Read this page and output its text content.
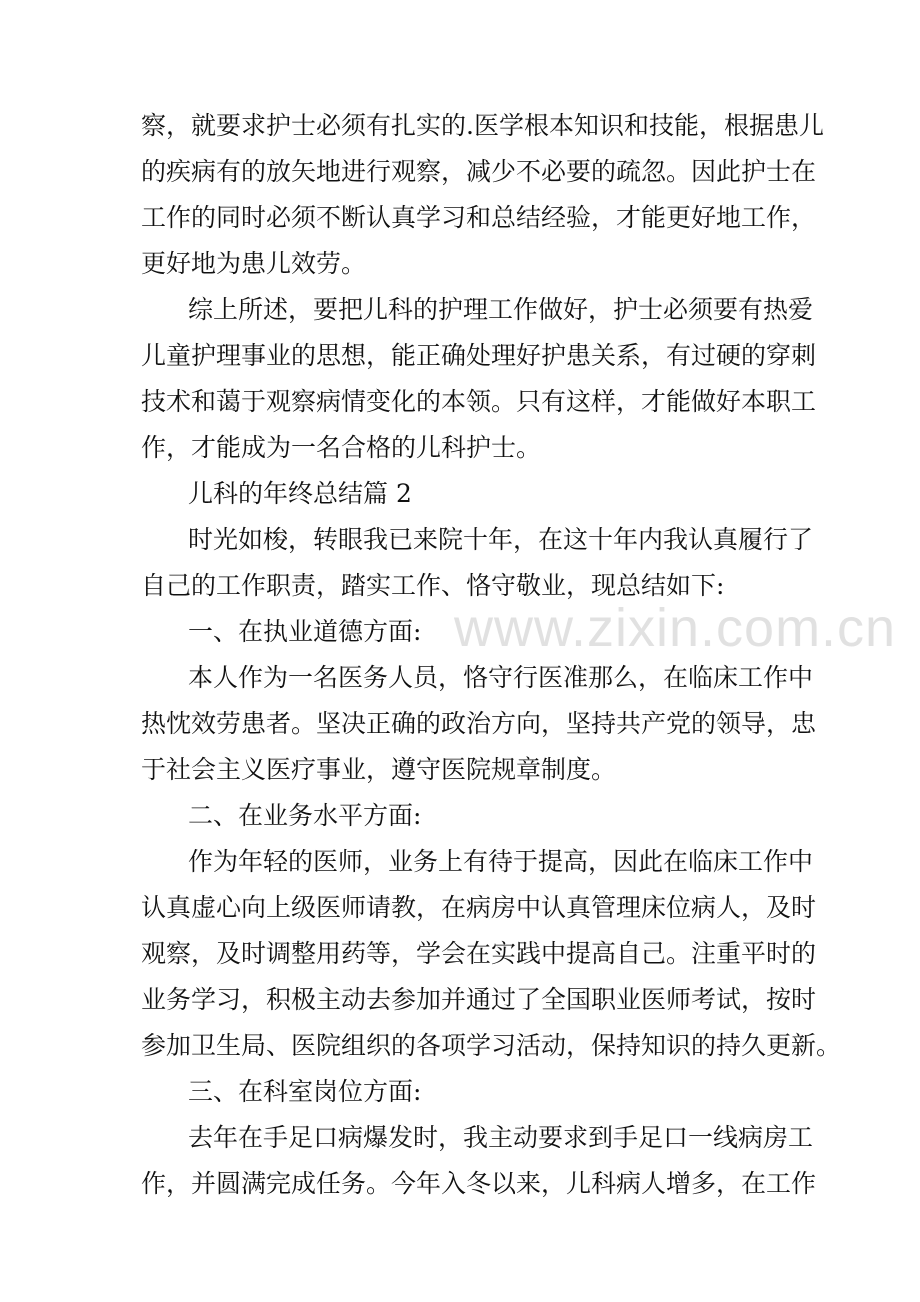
察，就要求护士必须有扎实的.医学根本知识和技能，根据患儿
的疾病有的放矢地进行观察，减少不必要的疏忽。因此护士在
工作的同时必须不断认真学习和总结经验，才能更好地工作，
更好地为患儿效劳。
综上所述，要把儿科的护理工作做好，护士必须要有热爱
儿童护理事业的思想，能正确处理好护患关系，有过硬的穿刺
技术和蔼于观察病情变化的本领。只有这样，才能做好本职工
作，才能成为一名合格的儿科护士。
儿科的年终总结篇 2
时光如梭，转眼我已来院十年，在这十年内我认真履行了
自己的工作职责，踏实工作、恪守敬业，现总结如下:
一、在执业道德方面:
本人作为一名医务人员，恪守行医准那么，在临床工作中
热忱效劳患者。坚决正确的政治方向，坚持共产党的领导，忠
于社会主义医疗事业，遵守医院规章制度。
二、在业务水平方面:
作为年轻的医师，业务上有待于提高，因此在临床工作中
认真虚心向上级医师请教，在病房中认真管理床位病人，及时
观察，及时调整用药等，学会在实践中提高自己。注重平时的
业务学习，积极主动去参加并通过了全国职业医师考试，按时
参加卫生局、医院组织的各项学习活动，保持知识的持久更新。
三、在科室岗位方面:
去年在手足口病爆发时，我主动要求到手足口一线病房工
作，并圆满完成任务。今年入冬以来，儿科病人增多，在工作
www.zixin.com.cn
